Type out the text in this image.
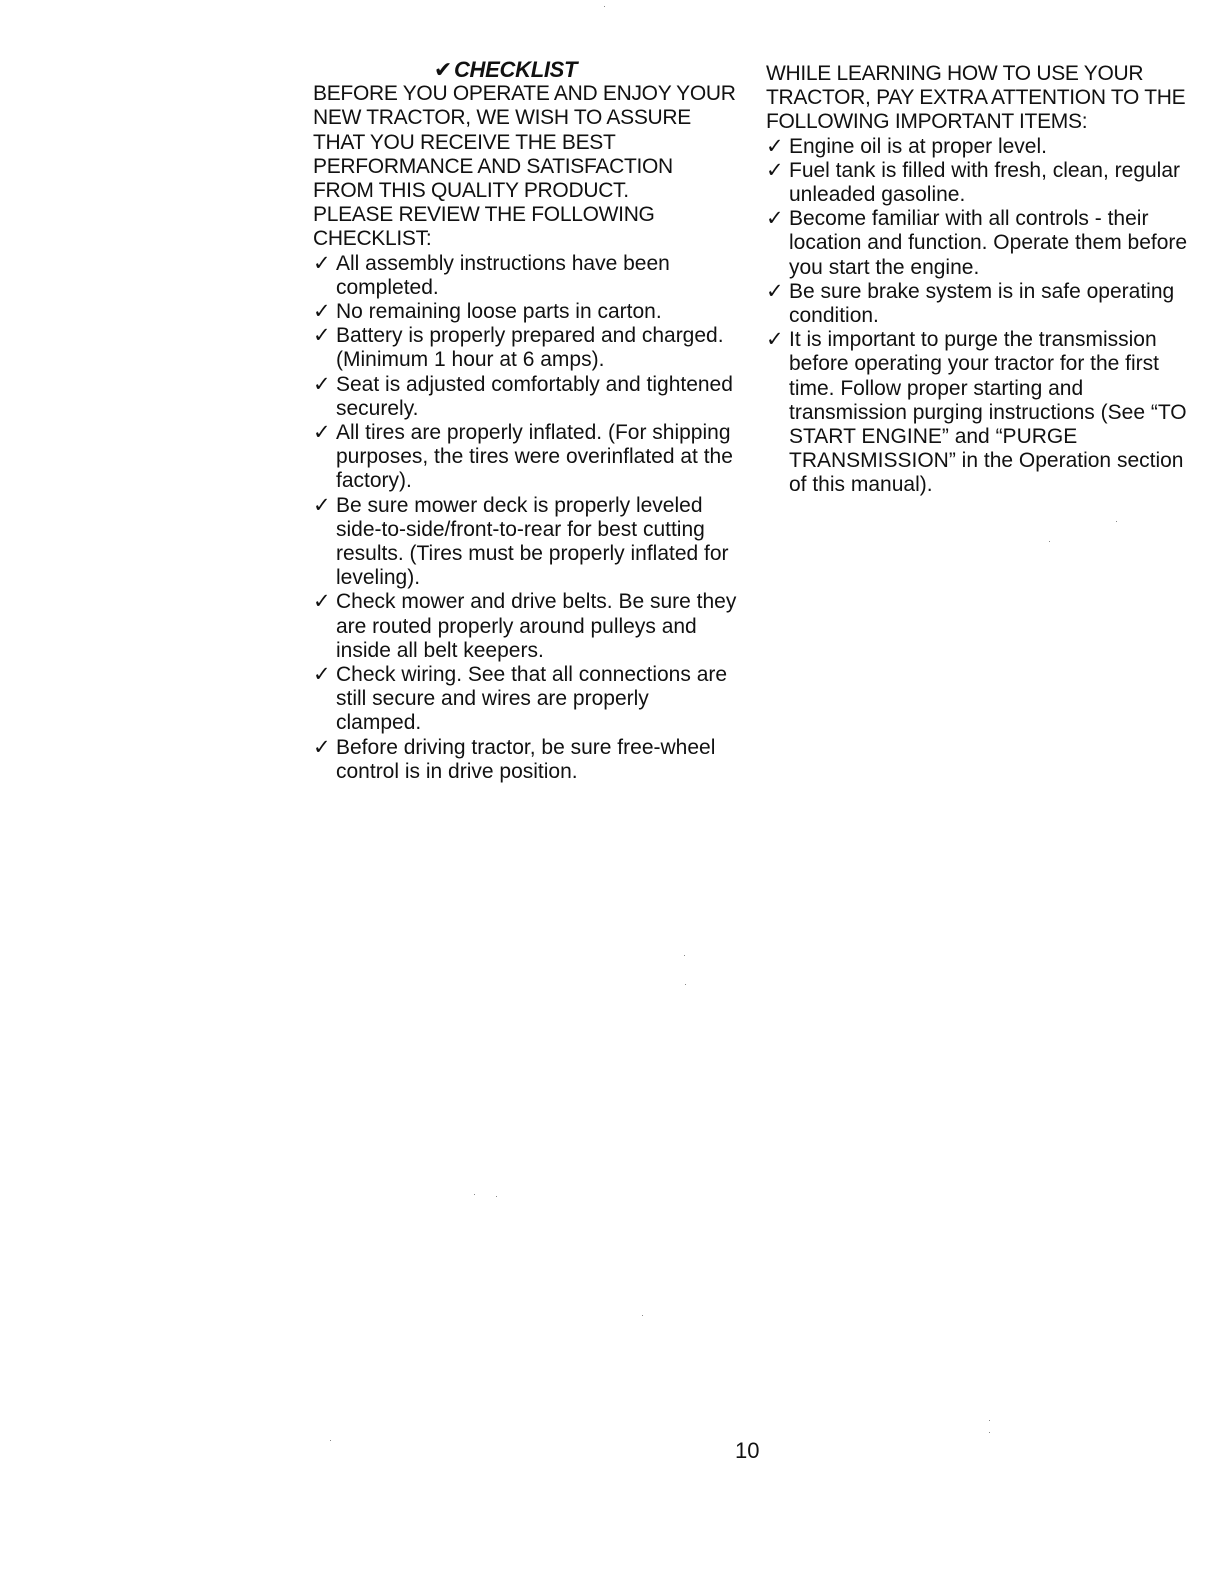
✔CHECKLIST

BEFORE YOU OPERATE AND ENJOY YOUR NEW TRACTOR, WE WISH TO ASSURE THAT YOU RECEIVE THE BEST PERFORMANCE AND SATISFACTION FROM THIS QUALITY PRODUCT.

PLEASE REVIEW THE FOLLOWING CHECKLIST:

✓ All assembly instructions have been completed.
✓ No remaining loose parts in carton.
✓ Battery is properly prepared and charged. (Minimum 1 hour at 6 amps).
✓ Seat is adjusted comfortably and tightened securely.
✓ All tires are properly inflated. (For shipping purposes, the tires were overinflated at the factory).
✓ Be sure mower deck is properly leveled side-to-side/front-to-rear for best cutting results. (Tires must be properly inflated for leveling).
✓ Check mower and drive belts. Be sure they are routed properly around pulleys and inside all belt keepers.
✓ Check wiring. See that all connections are still secure and wires are properly clamped.
✓ Before driving tractor, be sure free-wheel control is in drive position.

WHILE LEARNING HOW TO USE YOUR TRACTOR, PAY EXTRA ATTENTION TO THE FOLLOWING IMPORTANT ITEMS:

✓ Engine oil is at proper level.
✓ Fuel tank is filled with fresh, clean, regular unleaded gasoline.
✓ Become familiar with all controls - their location and function. Operate them before you start the engine.
✓ Be sure brake system is in safe operating condition.
✓ It is important to purge the transmission before operating your tractor for the first time. Follow proper starting and transmission purging instructions (See “TO START ENGINE” and “PURGE TRANSMISSION” in the Operation section of this manual).
10
